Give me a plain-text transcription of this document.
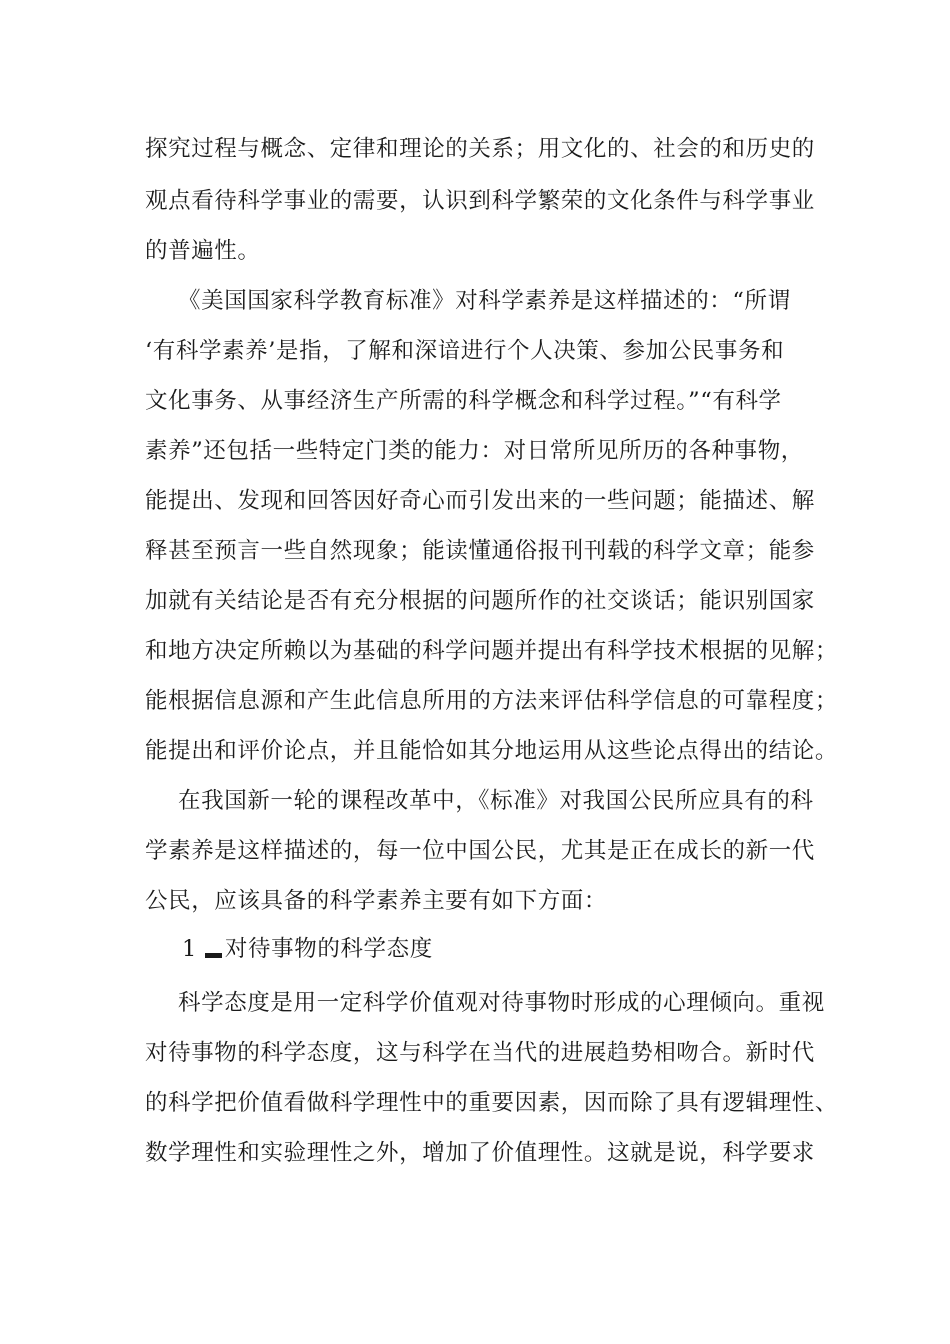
探究过程与概念、定律和理论的关系；用文化的、社会的和历史的
观点看待科学事业的需要，认识到科学繁荣的文化条件与科学事业
的普遍性。
《美国国家科学教育标准》对科学素养是这样描述的：“所谓
‘有科学素养’是指，了解和深谙进行个人决策、参加公民事务和
文化事务、从事经济生产所需的科学概念和科学过程。”“有科学
素养”还包括一些特定门类的能力：对日常所见所历的各种事物，
能提出、发现和回答因好奇心而引发出来的一些问题；能描述、解
释甚至预言一些自然现象；能读懂通俗报刊刊载的科学文章；能参
加就有关结论是否有充分根据的问题所作的社交谈话；能识别国家
和地方决定所赖以为基础的科学问题并提出有科学技术根据的见解；
能根据信息源和产生此信息所用的方法来评估科学信息的可靠程度；
能提出和评价论点，并且能恰如其分地运用从这些论点得出的结论。
在我国新一轮的课程改革中，《标准》对我国公民所应具有的科
学素养是这样描述的，每一位中国公民，尤其是正在成长的新一代
公民，应该具备的科学素养主要有如下方面：
1 对待事物的科学态度
科学态度是用一定科学价值观对待事物时形成的心理倾向。重视
对待事物的科学态度，这与科学在当代的进展趋势相吻合。新时代
的科学把价值看做科学理性中的重要因素，因而除了具有逻辑理性、
数学理性和实验理性之外，增加了价值理性。这就是说，科学要求
